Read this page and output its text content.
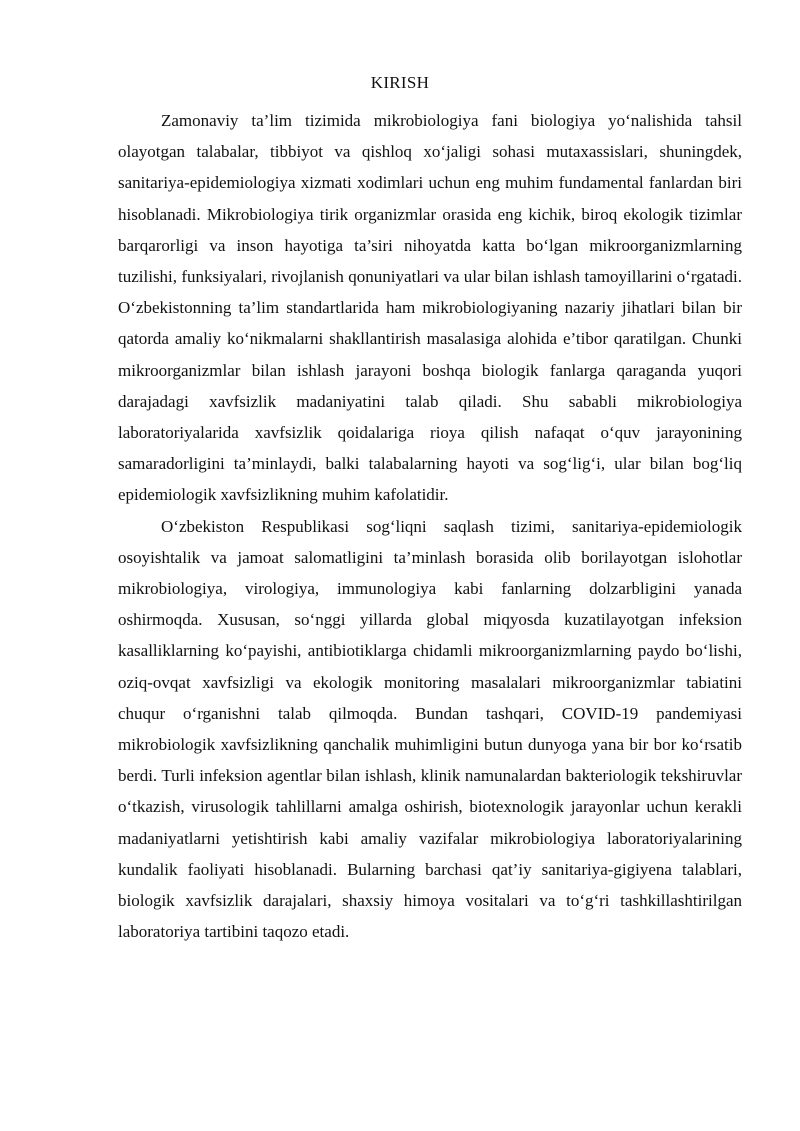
KIRISH

Zamonaviy ta’lim tizimida mikrobiologiya fani biologiya yo‘nalishida tahsil olayotgan talabalar, tibbiyot va qishloq xo‘jaligi sohasi mutaxassislari, shuningdek, sanitariya-epidemiologiya xizmati xodimlari uchun eng muhim fundamental fanlardan biri hisoblanadi. Mikrobiologiya tirik organizmlar orasida eng kichik, biroq ekologik tizimlar barqarorligi va inson hayotiga ta’siri nihoyatda katta bo‘lgan mikroorganizmlarning tuzilishi, funksiyalari, rivojlanish qonuniyatlari va ular bilan ishlash tamoyillarini o‘rgatadi. O‘zbekistonning ta’lim standartlarida ham mikrobiologiyaning nazariy jihatlari bilan bir qatorda amaliy ko‘nikmalarni shakllantirish masalasiga alohida e’tibor qaratilgan. Chunki mikroorganizmlar bilan ishlash jarayoni boshqa biologik fanlarga qaraganda yuqori darajadagi xavfsizlik madaniyatini talab qiladi. Shu sababli mikrobiologiya laboratoriyalarida xavfsizlik qoidalariga rioya qilish nafaqat o‘quv jarayonining samaradorligini ta’minlaydi, balki talabalarning hayoti va sog‘lig‘i, ular bilan bog‘liq epidemiologik xavfsizlikning muhim kafolatidir.

O‘zbekiston Respublikasi sog‘liqni saqlash tizimi, sanitariya-epidemiologik osoyishtalik va jamoat salomatligini ta’minlash borasida olib borilayotgan islohotlar mikrobiologiya, virologiya, immunologiya kabi fanlarning dolzarbligini yanada oshirmoqda. Xususan, so‘nggi yillarda global miqyosda kuzatilayotgan infeksion kasalliklarning ko‘payishi, antibiotiklarga chidamli mikroorganizmlarning paydo bo‘lishi, oziq-ovqat xavfsizligi va ekologik monitoring masalalari mikroorganizmlar tabiatini chuqur o‘rganishni talab qilmoqda. Bundan tashqari, COVID-19 pandemiyasi mikrobiologik xavfsizlikning qanchalik muhimligini butun dunyoga yana bir bor ko‘rsatib berdi. Turli infeksion agentlar bilan ishlash, klinik namunalardan bakteriologik tekshiruvlar o‘tkazish, virusologik tahlillarni amalga oshirish, biotexnologik jarayonlar uchun kerakli madaniyatlarni yetishtirish kabi amaliy vazifalar mikrobiologiya laboratoriyalarining kundalik faoliyati hisoblanadi. Bularning barchasi qat’iy sanitariya-gigiyena talablari, biologik xavfsizlik darajalari, shaxsiy himoya vositalari va to‘g‘ri tashkillashtirilgan laboratoriya tartibini taqozo etadi.
